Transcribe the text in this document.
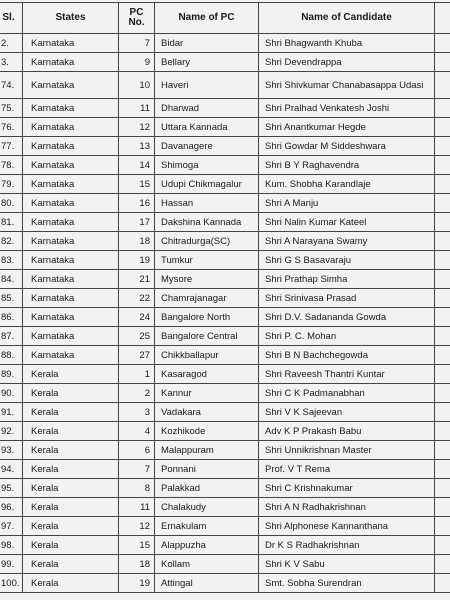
Sl.	States	PC No.	Name of PC	Name of Candidate	
2.	Karnataka	7	Bidar	Shri Bhagwanth Khuba	
3.	Karnataka	9	Bellary	Shri Devendrappa	
74.	Karnataka	10	Haveri	Shri Shivkumar Chanabasappa Udasi	
75.	Karnataka	11	Dharwad	Shri Pralhad Venkatesh Joshi	
76.	Karnataka	12	Uttara Kannada	Shri Anantkumar Hegde	
77.	Karnataka	13	Davanagere	Shri Gowdar M Siddeshwara	
78.	Karnataka	14	Shimoga	Shri B Y Raghavendra	
79.	Karnataka	15	Udupi Chikmagalur	Kum. Shobha Karandlaje	
80.	Karnataka	16	Hassan	Shri A Manju	
81.	Karnataka	17	Dakshina Kannada	Shri Nalin Kumar Kateel	
82.	Karnataka	18	Chitradurga(SC)	Shri A Narayana Swamy	
83.	Karnataka	19	Tumkur	Shri G S Basavaraju	
84.	Karnataka	21	Mysore	Shri Prathap Simha	
85.	Karnataka	22	Chamrajanagar	Shri Srinivasa Prasad	
86.	Karnataka	24	Bangalore North	Shri D.V. Sadananda Gowda	
87.	Karnataka	25	Bangalore Central	Shri P. C. Mohan	
88.	Karnataka	27	Chikkballapur	Shri B N Bachchegowda	
89.	Kerala	1	Kasaragod	Shri Raveesh Thantri Kuntar	
90.	Kerala	2	Kannur	Shri C K Padmanabhan	
91.	Kerala	3	Vadakara	Shri V K Sajeevan	
92.	Kerala	4	Kozhikode	Adv K P Prakash Babu	
93.	Kerala	6	Malappuram	Shri Unnikrishnan Master	
94.	Kerala	7	Ponnani	Prof. V T Rema	
95.	Kerala	8	Palakkad	Shri C Krishnakumar	
96.	Kerala	11	Chalakudy	Shri A N Radhakrishnan	
97.	Kerala	12	Ernakulam	Shri Alphonese Kannanthana	
98.	Kerala	15	Alappuzha	Dr K S Radhakrishnan	
99.	Kerala	18	Kollam	Shri K V Sabu	
100.	Kerala	19	Attingal	Smt. Sobha Surendran	
